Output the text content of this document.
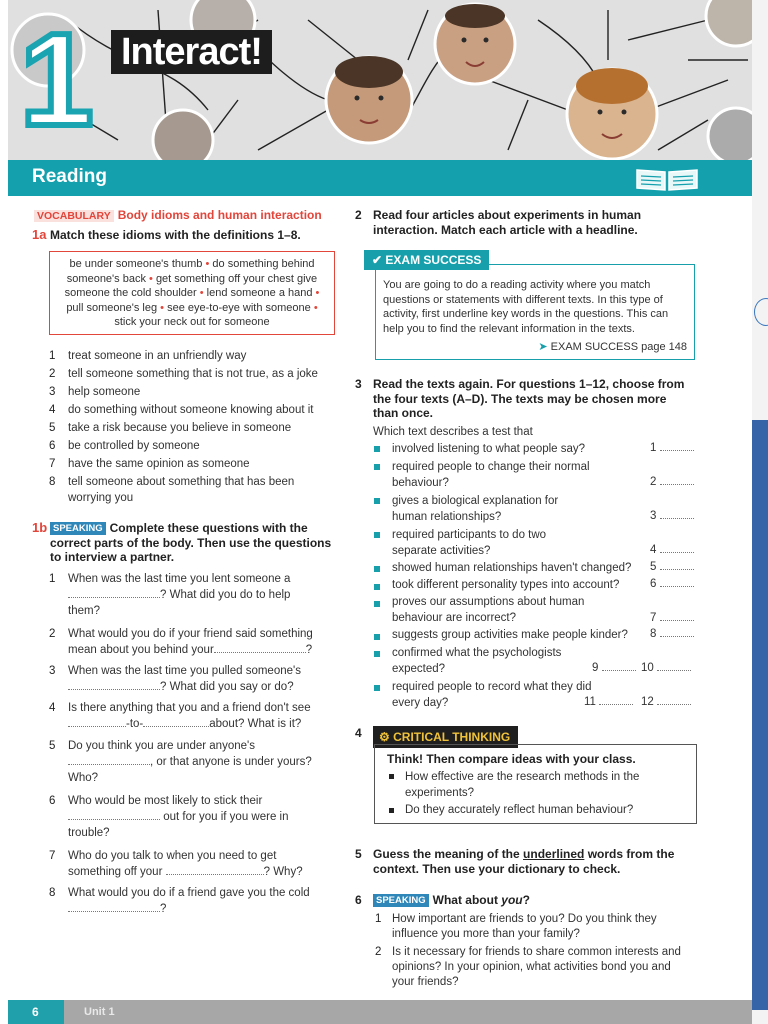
1 Interact!
Reading
VOCABULARY Body idioms and human interaction
1a Match these idioms with the definitions 1–8.
be under someone's thumb • do something behind someone's back • get something off your chest give someone the cold shoulder • lend someone a hand • pull someone's leg • see eye-to-eye with someone • stick your neck out for someone
1 treat someone in an unfriendly way
2 tell someone something that is not true, as a joke
3 help someone
4 do something without someone knowing about it
5 take a risk because you believe in someone
6 be controlled by someone
7 have the same opinion as someone
8 tell someone about something that has been worrying you
1b SPEAKING Complete these questions with the correct parts of the body. Then use the questions to interview a partner.
1 When was the last time you lent someone a
? What did you do to help
them?
2 What would you do if your friend said something
mean about you behind your	?
3 When was the last time you pulled someone's
? What did you say or do?
4 Is there anything that you and a friend don't see
-to-	about? What is it?
5 Do you think you are under anyone's
, or that anyone is under yours?
Who?
6 Who would be most likely to stick their
out for you if you were in
trouble?
7 Who do you talk to when you need to get
something off your	? Why?
8 What would you do if a friend gave you the cold
?
2 Read four articles about experiments in human interaction. Match each article with a headline.
✔ EXAM SUCCESS
You are going to do a reading activity where you match questions or statements with different texts. In this type of activity, first underline key words in the questions. This can help you to find the relevant information in the texts.
➤ EXAM SUCCESS page 148
3 Read the texts again. For questions 1–12, choose from the four texts (A–D). The texts may be chosen more than once.
Which text describes a test that
involved listening to what people say?	1
required people to change their normal behaviour?	2
gives a biological explanation for human relationships?	3
required participants to do two separate activities?	4
showed human relationships haven't changed? 5
took different personality types into account?	6
proves our assumptions about human behaviour are incorrect?	7
suggests group activities make people kinder? 8
confirmed what the psychologists expected?	9	10
required people to record what they did every day?	11	12
4	⚙ CRITICAL THINKING
Think! Then compare ideas with your class.
How effective are the research methods in the experiments?
Do they accurately reflect human behaviour?
5 Guess the meaning of the underlined words from the context. Then use your dictionary to check.
6	SPEAKING What about you?
1 How important are friends to you? Do you think they influence you more than your family?
2 Is it necessary for friends to share common interests and opinions? In your opinion, what activities bond you and your friends?
6	Unit 1
